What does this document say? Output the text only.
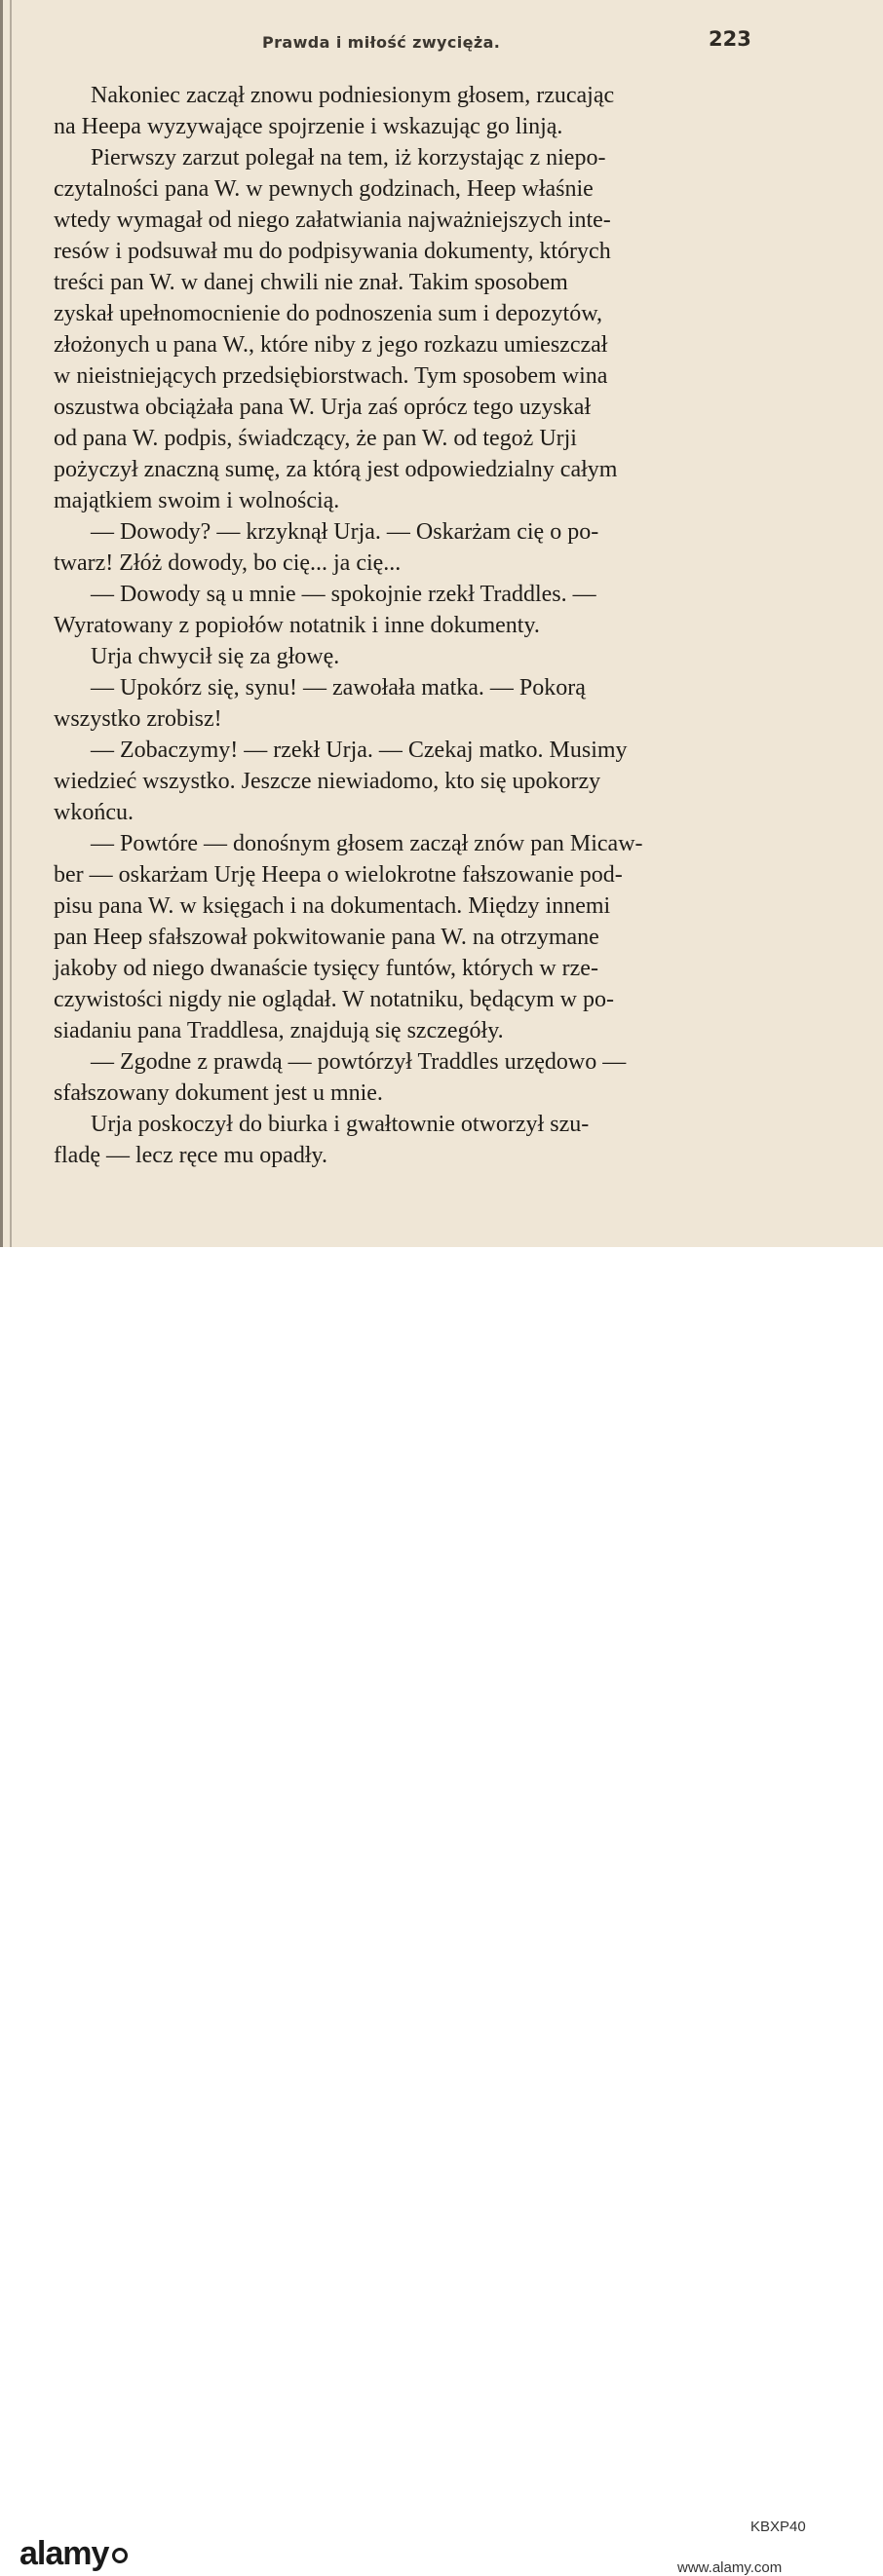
Prawda i miłość zwycięża.	223
Nakoniec zaczął znowu podniesionym głosem, rzucając
na Heepa wyzywające spojrzenie i wskazując go linją.
Pierwszy zarzut polegał na tem, iż korzystając z niepo-
czytalności pana W. w pewnych godzinach, Heep właśnie
wtedy wymagał od niego załatwiania najważniejszych inte-
resów i podsuwał mu do podpisywania dokumenty, których
treści pan W. w danej chwili nie znał. Takim sposobem
zyskał upełnomocnienie do podnoszenia sum i depozytów,
złożonych u pana W., które niby z jego rozkazu umieszczał
w nieistniejących przedsiębiorstwach. Tym sposobem wina
oszustwa obciążała pana W. Urja zaś oprócz tego uzyskał
od pana W. podpis, świadczący, że pan W. od tegoż Urji
pożyczył znaczną sumę, za którą jest odpowiedzialny całym
majątkiem swoim i wolnością.
— Dowody? — krzyknął Urja. — Oskarżam cię o po-
twarz! Złóż dowody, bo cię... ja cię...
— Dowody są u mnie — spokojnie rzekł Traddles. —
Wyratowany z popiołów notatnik i inne dokumenty.
Urja chwycił się za głowę.
— Upokórz się, synu! — zawołała matka. — Pokorą
wszystko zrobisz!
— Zobaczymy! — rzekł Urja. — Czekaj matko. Musimy
wiedzieć wszystko. Jeszcze niewiadomo, kto się upokorzy
wkońcu.
— Powtóre — donośnym głosem zaczął znów pan Micaw-
ber — oskarżam Urję Heepa o wielokrotne fałszowanie pod-
pisu pana W. w księgach i na dokumentach. Między innemi
pan Heep sfałszował pokwitowanie pana W. na otrzymane
jakoby od niego dwanaście tysięcy funtów, których w rze-
czywistości nigdy nie oglądał. W notatniku, będącym w po-
siadaniu pana Traddlesa, znajdują się szczegóły.
— Zgodne z prawdą — powtórzył Traddles urzędowo —
sfałszowany dokument jest u mnie.
Urja poskoczył do biurka i gwałtownie otworzył szu-
fladę — lecz ręce mu opadły.
alamy
KBXP40
www.alamy.com
